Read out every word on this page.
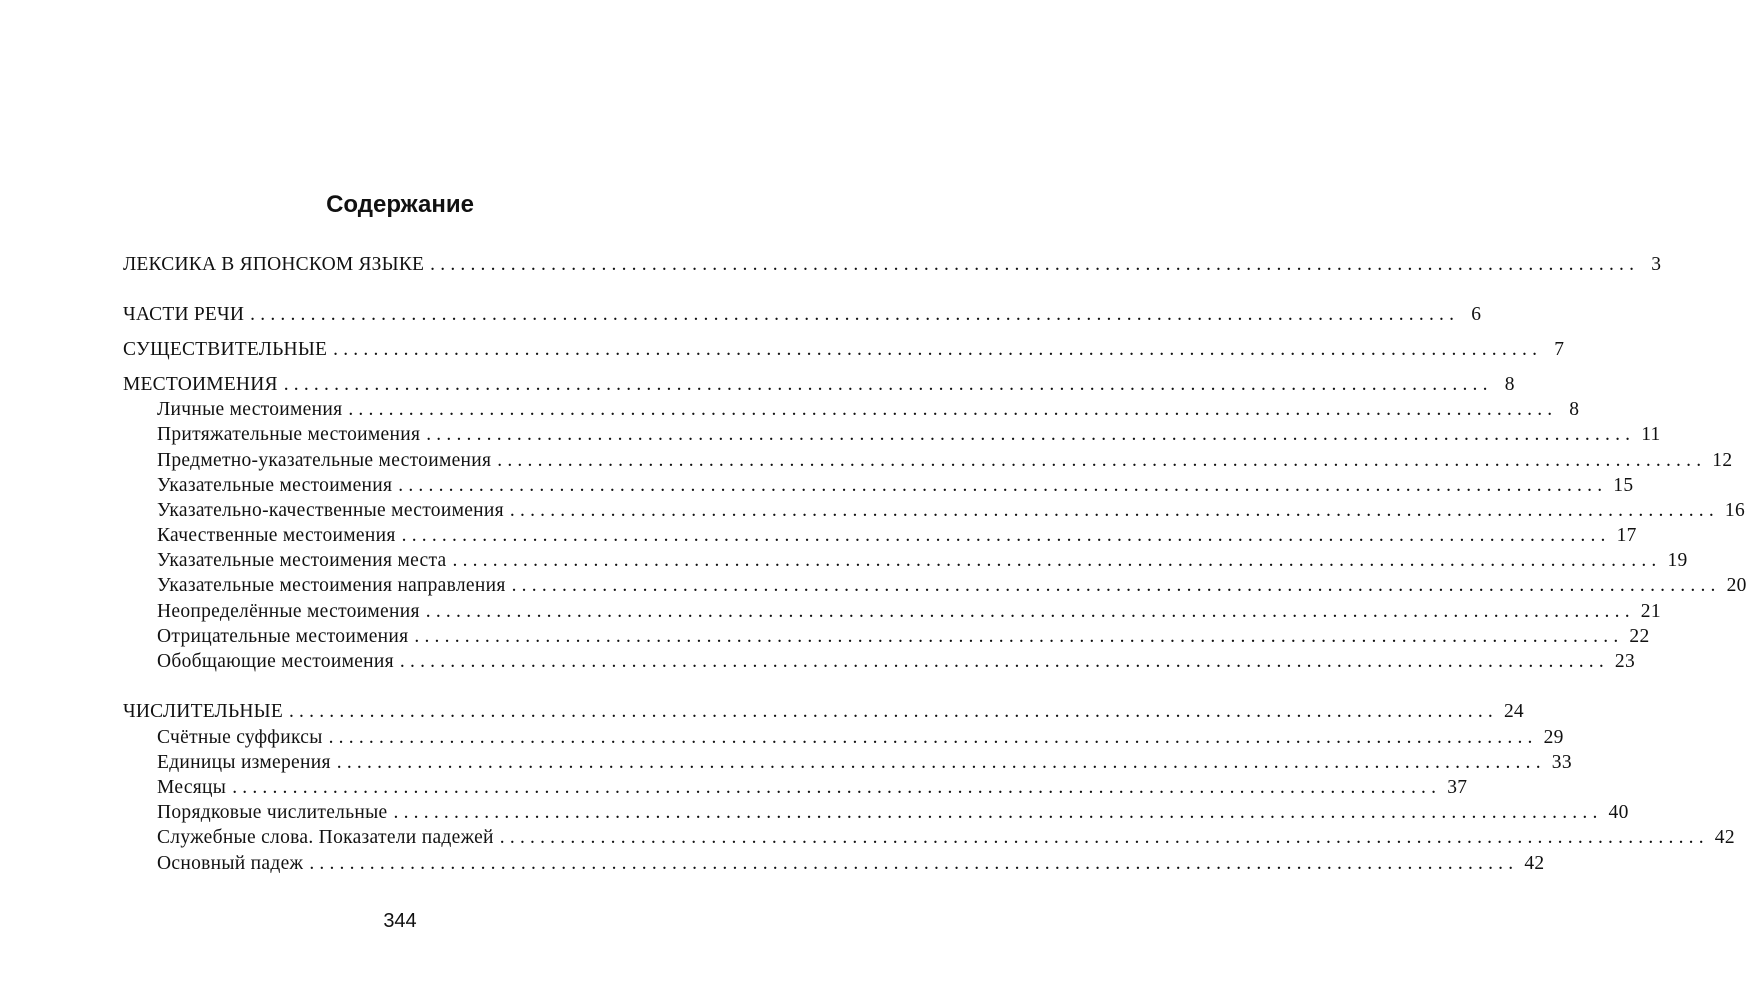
Содержание
ЛЕКСИКА В ЯПОНСКОМ ЯЗЫКЕ ........................................................................................................................ 3
ЧАСТИ РЕЧИ ........................................................................................................................ 6
СУЩЕСТВИТЕЛЬНЫЕ ........................................................................................................................ 7
МЕСТОИМЕНИЯ ........................................................................................................................ 8
Личные местоимения ........................................................................................................................ 8
Притяжательные местоимения ........................................................................................................................ 11
Предметно-указательные местоимения ........................................................................................................................ 12
Указательные местоимения ........................................................................................................................ 15
Указательно-качественные местоимения ........................................................................................................................ 16
Качественные местоимения ........................................................................................................................ 17
Указательные местоимения места ........................................................................................................................ 19
Указательные местоимения направления ........................................................................................................................ 20
Неопределённые местоимения ........................................................................................................................ 21
Отрицательные местоимения ........................................................................................................................ 22
Обобщающие местоимения ........................................................................................................................ 23
ЧИСЛИТЕЛЬНЫЕ ........................................................................................................................ 24
Счётные суффиксы ........................................................................................................................ 29
Единицы измерения ........................................................................................................................ 33
Месяцы ........................................................................................................................ 37
Порядковые числительные ........................................................................................................................ 40
Служебные слова. Показатели падежей ........................................................................................................................ 42
Основный падеж ........................................................................................................................ 42
344
